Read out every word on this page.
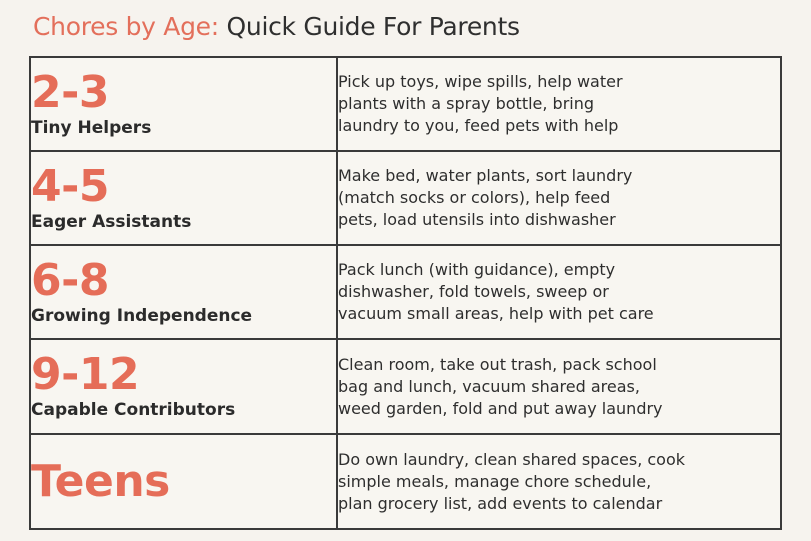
Chores by Age: Quick Guide For Parents
2-3
Tiny Helpers	Pick up toys, wipe spills, help water
plants with a spray bottle, bring
laundry to you, feed pets with help

4-5
Eager Assistants	Make bed, water plants, sort laundry
(match socks or colors), help feed
pets, load utensils into dishwasher

6-8
Growing Independence	Pack lunch (with guidance), empty
dishwasher, fold towels, sweep or
vacuum small areas, help with pet care

9-12
Capable Contributors	Clean room, take out trash, pack school
bag and lunch, vacuum shared areas,
weed garden, fold and put away laundry

Teens	Do own laundry, clean shared spaces, cook
simple meals, manage chore schedule,
plan grocery list, add events to calendar
